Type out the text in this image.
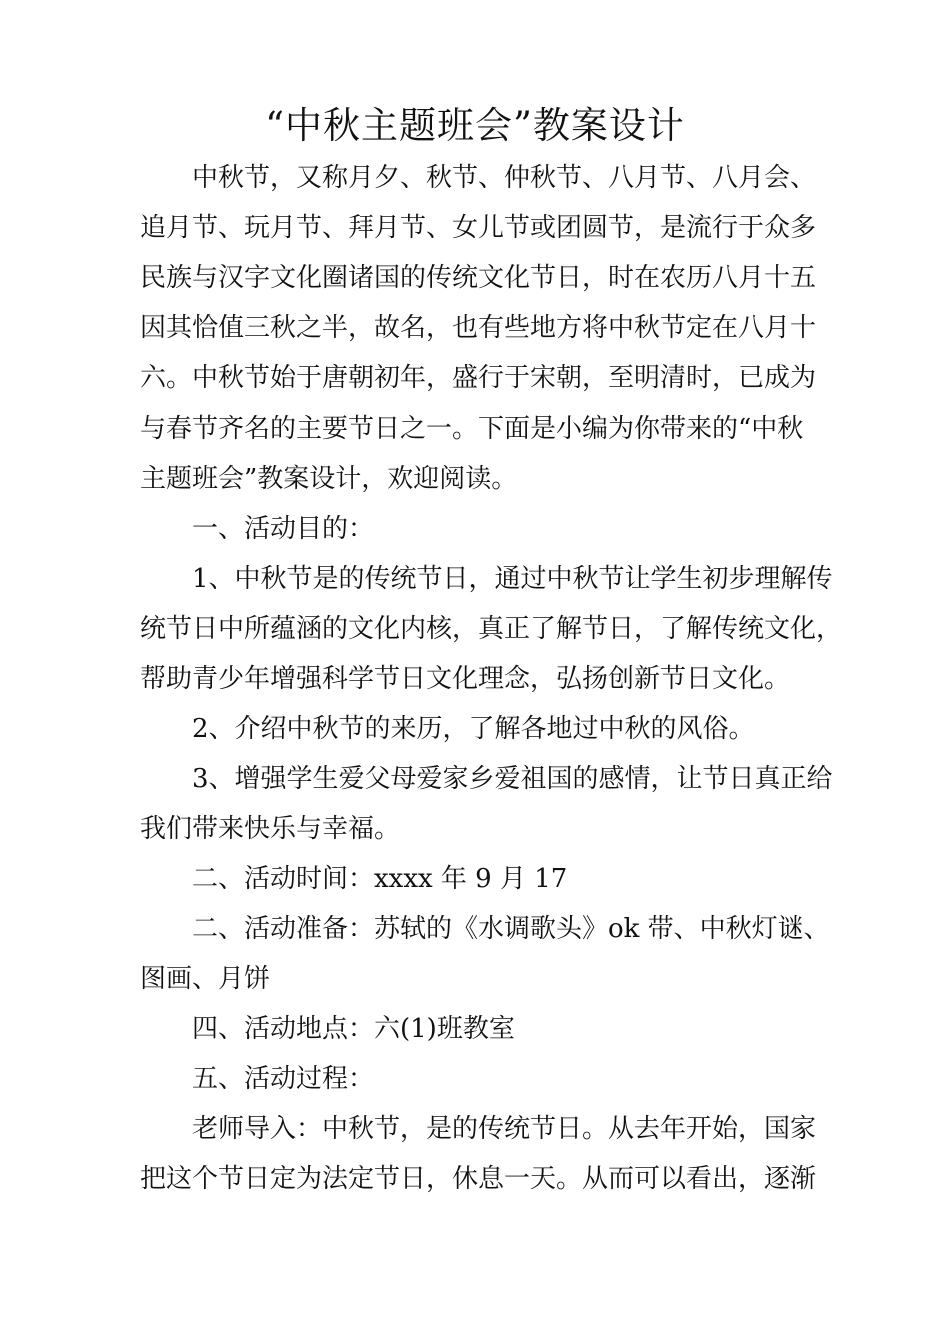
“中秋主题班会”教案设计

中秋节，又称月夕、秋节、仲秋节、八月节、八月会、

追月节、玩月节、拜月节、女儿节或团圆节，是流行于众多

民族与汉字文化圈诸国的传统文化节日，时在农历八月十五

因其恰值三秋之半，故名，也有些地方将中秋节定在八月十

六。中秋节始于唐朝初年，盛行于宋朝，至明清时，已成为

与春节齐名的主要节日之一。下面是小编为你带来的“中秋

主题班会”教案设计，欢迎阅读。

一、活动目的：

1、中秋节是的传统节日，通过中秋节让学生初步理解传

统节日中所蕴涵的文化内核，真正了解节日，了解传统文化，

帮助青少年增强科学节日文化理念，弘扬创新节日文化。

2、介绍中秋节的来历，了解各地过中秋的风俗。

3、增强学生爱父母爱家乡爱祖国的感情，让节日真正给

我们带来快乐与幸福。

二、活动时间：xxxx 年 9 月 17

二、活动准备：苏轼的《水调歌头》ok 带、中秋灯谜、

图画、月饼

四、活动地点：六(1)班教室

五、活动过程：

老师导入：中秋节，是的传统节日。从去年开始，国家

把这个节日定为法定节日，休息一天。从而可以看出，逐渐
